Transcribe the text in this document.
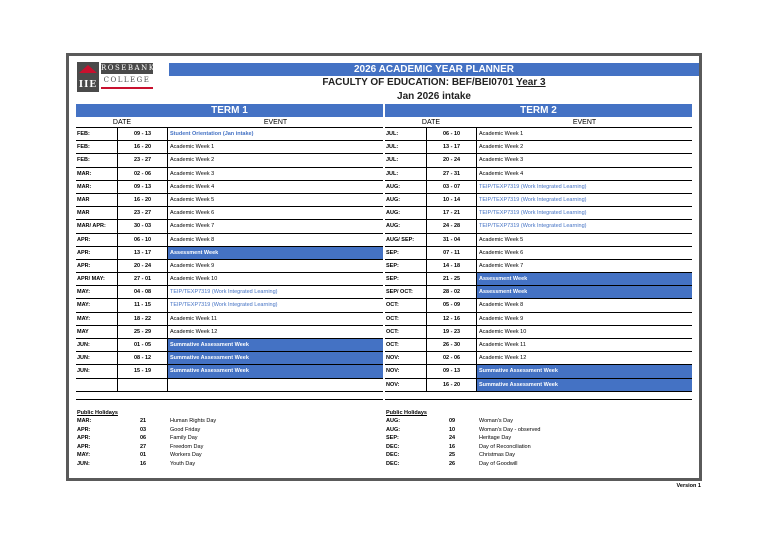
IIE
ROSEBANK
COLLEGE
2026 ACADEMIC YEAR PLANNER
FACULTY OF EDUCATION: BEF/BEI0701 Year 3
Jan 2026 intake
TERM 1
DATE	EVENT
FEB:	09 - 13	Student Orientation (Jan intake)
FEB:	16 - 20	Academic Week 1
FEB:	23 - 27	Academic Week 2
MAR:	02 - 06	Academic Week 3
MAR:	09 - 13	Academic Week 4
MAR	16 - 20	Academic Week 5
MAR	23 - 27	Academic Week 6
MAR/ APR:	30 - 03	Academic Week 7
APR:	06 - 10	Academic Week 8
APR:	13 - 17	Assessment Week
APR:	20 - 24	Academic Week 9
APR/ MAY:	27 - 01	Academic Week 10
MAY:	04 - 08	TEIP/TEXP7319 (Work Integrated Learning)
MAY:	11 - 15	TEIP/TEXP7319 (Work Integrated Learning)
MAY:	18 - 22	Academic Week 11
MAY	25 - 29	Academic Week 12
JUN:	01 - 05	Summative Assessment Week
JUN:	08 - 12	Summative Assessment Week
JUN:	15 - 19	Summative Assessment Week
TERM 2
DATE	EVENT
JUL:	06 - 10	Academic Week 1
JUL:	13 - 17	Academic Week 2
JUL:	20 - 24	Academic Week 3
JUL:	27 - 31	Academic Week 4
AUG:	03 - 07	TEIP/TEXP7319 (Work Integrated Learning)
AUG:	10 - 14	TEIP/TEXP7319 (Work Integrated Learning)
AUG:	17 - 21	TEIP/TEXP7319 (Work Integrated Learning)
AUG:	24 - 28	TEIP/TEXP7319 (Work Integrated Learning)
AUG/ SEP:	31 - 04	Academic Week 5
SEP:	07 - 11	Academic Week 6
SEP:	14 - 18	Academic Week 7
SEP:	21 - 25	Assessment Week
SEP/ OCT:	28 - 02	Assessment Week
OCT:	05 - 09	Academic Week 8
OCT:	12 - 16	Academic Week 9
OCT:	19 - 23	Academic Week 10
OCT:	26 - 30	Academic Week 11
NOV:	02 - 06	Academic Week 12
NOV:	09 - 13	Summative Assessment Week
NOV:	16 - 20	Summative Assessment Week
Public Holidays
MAR:	21	Human Rights Day
APR:	03	Good Friday
APR:	06	Family Day
APR:	27	Freedom Day
MAY:	01	Workers Day
JUN:	16	Youth Day
Public Holidays
AUG:	09	Woman's Day
AUG:	10	Woman's Day - observed
SEP:	24	Heritage Day
DEC:	16	Day of Reconciliation
DEC:	25	Christmas Day
DEC:	26	Day of Goodwill
Version 1
